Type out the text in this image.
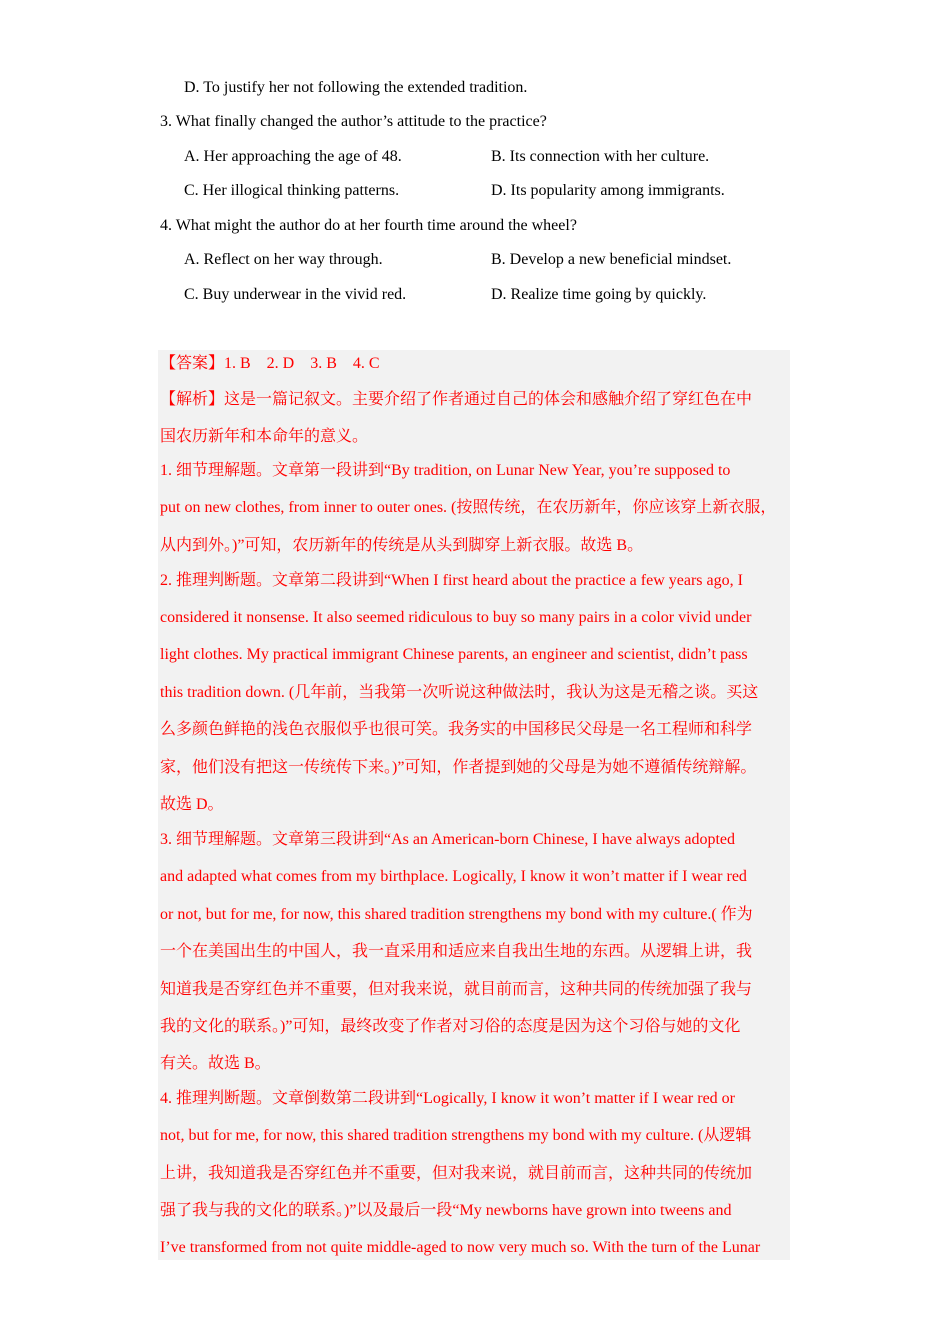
D. To justify her not following the extended tradition.
3. What finally changed the author’s attitude to the practice?
A. Her approaching the age of 48.	B. Its connection with her culture.
C. Her illogical thinking patterns.	D. Its popularity among immigrants.
4. What might the author do at her fourth time around the wheel?
A. Reflect on her way through.	B. Develop a new beneficial mindset.
C. Buy underwear in the vivid red.	D. Realize time going by quickly.
【答案】1. B　2. D　3. B　4. C
【解析】这是一篇记叙文。主要介绍了作者通过自己的体会和感触介绍了穿红色在中
国农历新年和本命年的意义。
1. 细节理解题。文章第一段讲到“By tradition, on Lunar New Year, you’re supposed to
put on new clothes, from inner to outer ones. (按照传统，在农历新年，你应该穿上新衣服，
从内到外。)”可知，农历新年的传统是从头到脚穿上新衣服。故选 B。
2. 推理判断题。文章第二段讲到“When I first heard about the practice a few years ago, I
considered it nonsense. It also seemed ridiculous to buy so many pairs in a color vivid under
light clothes. My practical immigrant Chinese parents, an engineer and scientist, didn’t pass
this tradition down. (几年前，当我第一次听说这种做法时，我认为这是无稽之谈。买这
么多颜色鲜艳的浅色衣服似乎也很可笑。我务实的中国移民父母是一名工程师和科学
家，他们没有把这一传统传下来。)”可知，作者提到她的父母是为她不遵循传统辩解。
故选 D。
3. 细节理解题。文章第三段讲到“As an American-born Chinese, I have always adopted
and adapted what comes from my birthplace. Logically, I know it won’t matter if I wear red
or not, but for me, for now, this shared tradition strengthens my bond with my culture.( 作为
一个在美国出生的中国人，我一直采用和适应来自我出生地的东西。从逻辑上讲，我
知道我是否穿红色并不重要，但对我来说，就目前而言，这种共同的传统加强了我与
我的文化的联系。)”可知，最终改变了作者对习俗的态度是因为这个习俗与她的文化
有关。故选 B。
4. 推理判断题。文章倒数第二段讲到“Logically, I know it won’t matter if I wear red or
not, but for me, for now, this shared tradition strengthens my bond with my culture. (从逻辑
上讲，我知道我是否穿红色并不重要，但对我来说，就目前而言，这种共同的传统加
强了我与我的文化的联系。)”以及最后一段“My newborns have grown into tweens and
I’ve transformed from not quite middle-aged to now very much so. With the turn of the Lunar
